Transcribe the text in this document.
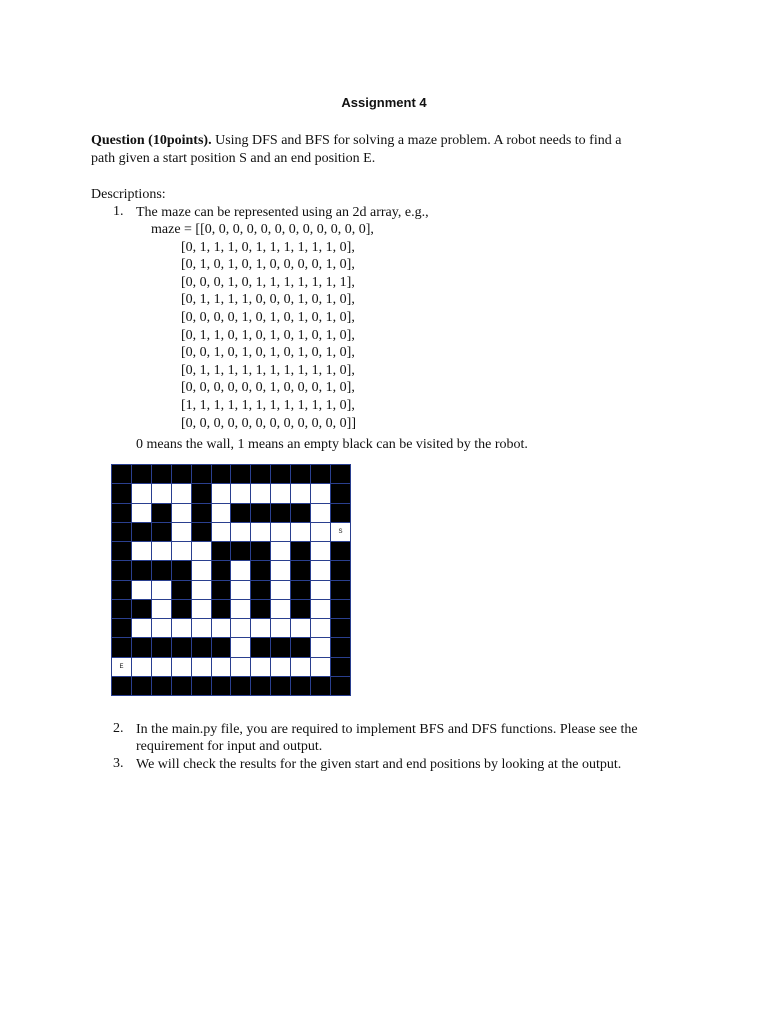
Assignment 4
Question (10points). Using DFS and BFS for solving a maze problem. A robot needs to find a
path given a start position S and an end position E.
Descriptions:
1. The maze can be represented using an 2d array, e.g.,
maze = [[0, 0, 0, 0, 0, 0, 0, 0, 0, 0, 0, 0],
[0, 1, 1, 1, 0, 1, 1, 1, 1, 1, 1, 0],
[0, 1, 0, 1, 0, 1, 0, 0, 0, 0, 1, 0],
[0, 0, 0, 1, 0, 1, 1, 1, 1, 1, 1, 1],
[0, 1, 1, 1, 1, 0, 0, 0, 1, 0, 1, 0],
[0, 0, 0, 0, 1, 0, 1, 0, 1, 0, 1, 0],
[0, 1, 1, 0, 1, 0, 1, 0, 1, 0, 1, 0],
[0, 0, 1, 0, 1, 0, 1, 0, 1, 0, 1, 0],
[0, 1, 1, 1, 1, 1, 1, 1, 1, 1, 1, 0],
[0, 0, 0, 0, 0, 0, 1, 0, 0, 0, 1, 0],
[1, 1, 1, 1, 1, 1, 1, 1, 1, 1, 1, 0],
[0, 0, 0, 0, 0, 0, 0, 0, 0, 0, 0, 0]]
0 means the wall, 1 means an empty black can be visited by the robot.
S
E
2. In the main.py file, you are required to implement BFS and DFS functions. Please see the
requirement for input and output.
3. We will check the results for the given start and end positions by looking at the output.
